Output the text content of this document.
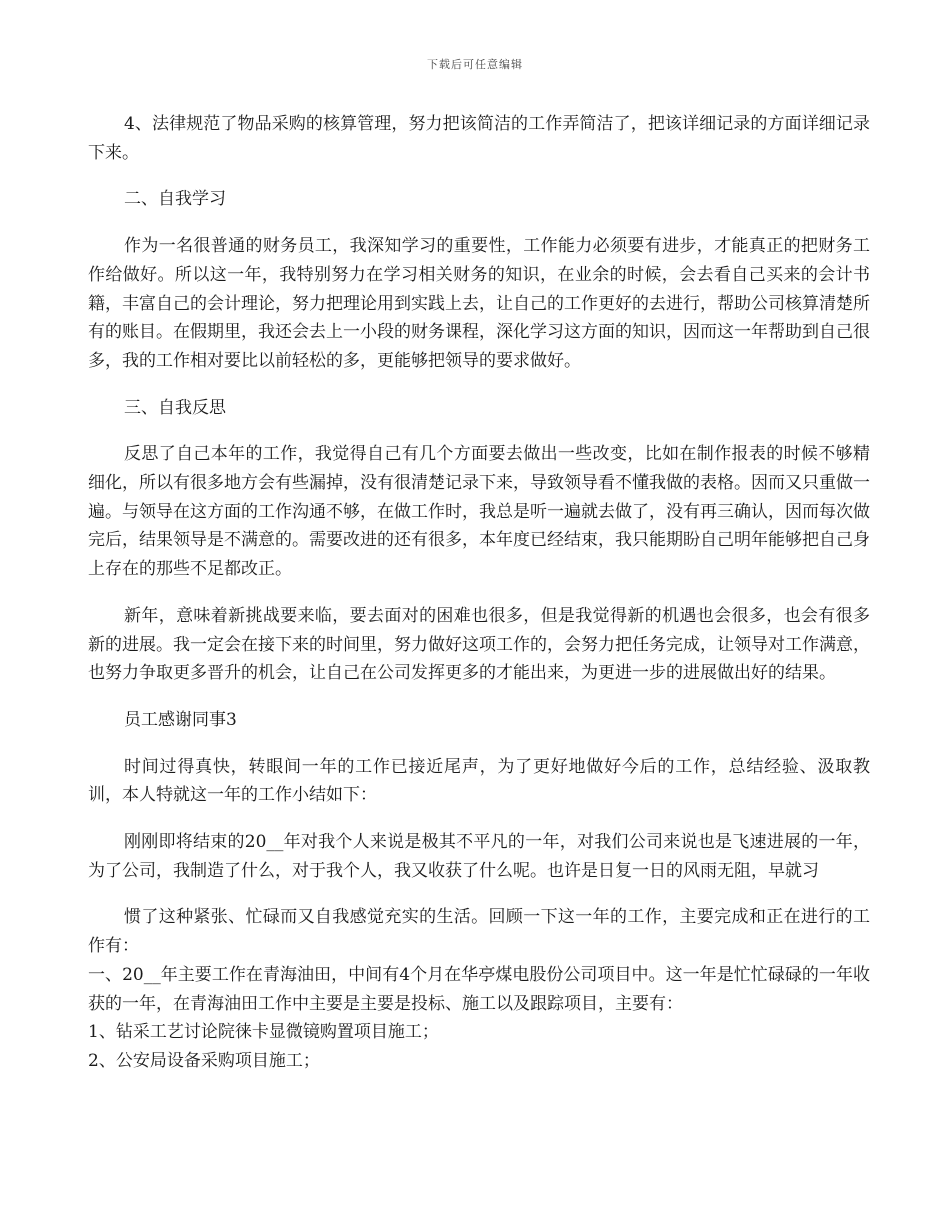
下载后可任意编辑

4、法律规范了物品采购的核算管理，努力把该简洁的工作弄简洁了，把该详细记录的方面详细记录下来。

二、自我学习

作为一名很普通的财务员工，我深知学习的重要性，工作能力必须要有进步，才能真正的把财务工作给做好。所以这一年，我特别努力在学习相关财务的知识，在业余的时候，会去看自己买来的会计书籍，丰富自己的会计理论，努力把理论用到实践上去，让自己的工作更好的去进行，帮助公司核算清楚所有的账目。在假期里，我还会去上一小段的财务课程，深化学习这方面的知识，因而这一年帮助到自己很多，我的工作相对要比以前轻松的多，更能够把领导的要求做好。

三、自我反思

反思了自己本年的工作，我觉得自己有几个方面要去做出一些改变，比如在制作报表的时候不够精细化，所以有很多地方会有些漏掉，没有很清楚记录下来，导致领导看不懂我做的表格。因而又只重做一遍。与领导在这方面的工作沟通不够，在做工作时，我总是听一遍就去做了，没有再三确认，因而每次做完后，结果领导是不满意的。需要改进的还有很多，本年度已经结束，我只能期盼自己明年能够把自己身上存在的那些不足都改正。

新年，意味着新挑战要来临，要去面对的困难也很多，但是我觉得新的机遇也会很多，也会有很多新的进展。我一定会在接下来的时间里，努力做好这项工作的，会努力把任务完成，让领导对工作满意，也努力争取更多晋升的机会，让自己在公司发挥更多的才能出来，为更进一步的进展做出好的结果。

员工感谢同事3

时间过得真快，转眼间一年的工作已接近尾声，为了更好地做好今后的工作，总结经验、汲取教训，本人特就这一年的工作小结如下：

刚刚即将结束的20__年对我个人来说是极其不平凡的一年，对我们公司来说也是飞速进展的一年，为了公司，我制造了什么，对于我个人，我又收获了什么呢。也许是日复一日的风雨无阻，早就习

惯了这种紧张、忙碌而又自我感觉充实的生活。回顾一下这一年的工作，主要完成和正在进行的工作有：

一、20__年主要工作在青海油田，中间有4个月在华亭煤电股份公司项目中。这一年是忙忙碌碌的一年收获的一年，在青海油田工作中主要是主要是投标、施工以及跟踪项目，主要有：

1、钻采工艺讨论院徕卡显微镜购置项目施工；

2、公安局设备采购项目施工；
